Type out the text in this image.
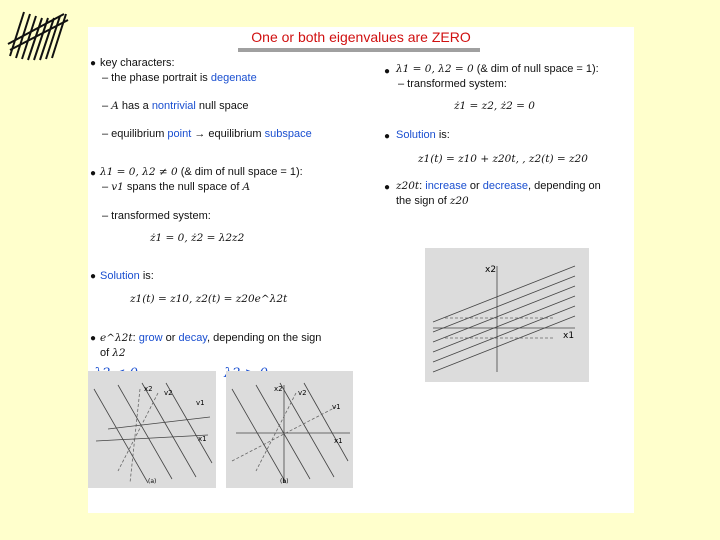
One or both eigenvalues are ZERO
● key characters:
– the phase portrait is degenate
– A has a nontrivial null space
– equilibrium point → equilibrium subspace
● λ1 = 0, λ2 ≠ 0 (& dim of null space = 1):
– v1 spans the null space of A
– transformed system:
ż1 = 0, ż2 = λ2z2
● Solution is:
z1(t) = z10, z2(t) = z20e^λ2t
● e^λ2t: grow or decay, depending on the sign
of λ2
λ2 < 0	λ2 > 0
x2 v2
v1
x1
(a)
x2 v2
v1
x1
(b)
● λ1 = 0, λ2 = 0 (& dim of null space = 1):
– transformed system:
ż1 = z2, ż2 = 0
● Solution is:
z1(t) = z10 + z20t, , z2(t) = z20
● z20t: increase or decrease, depending on
the sign of z20
x2
x1
